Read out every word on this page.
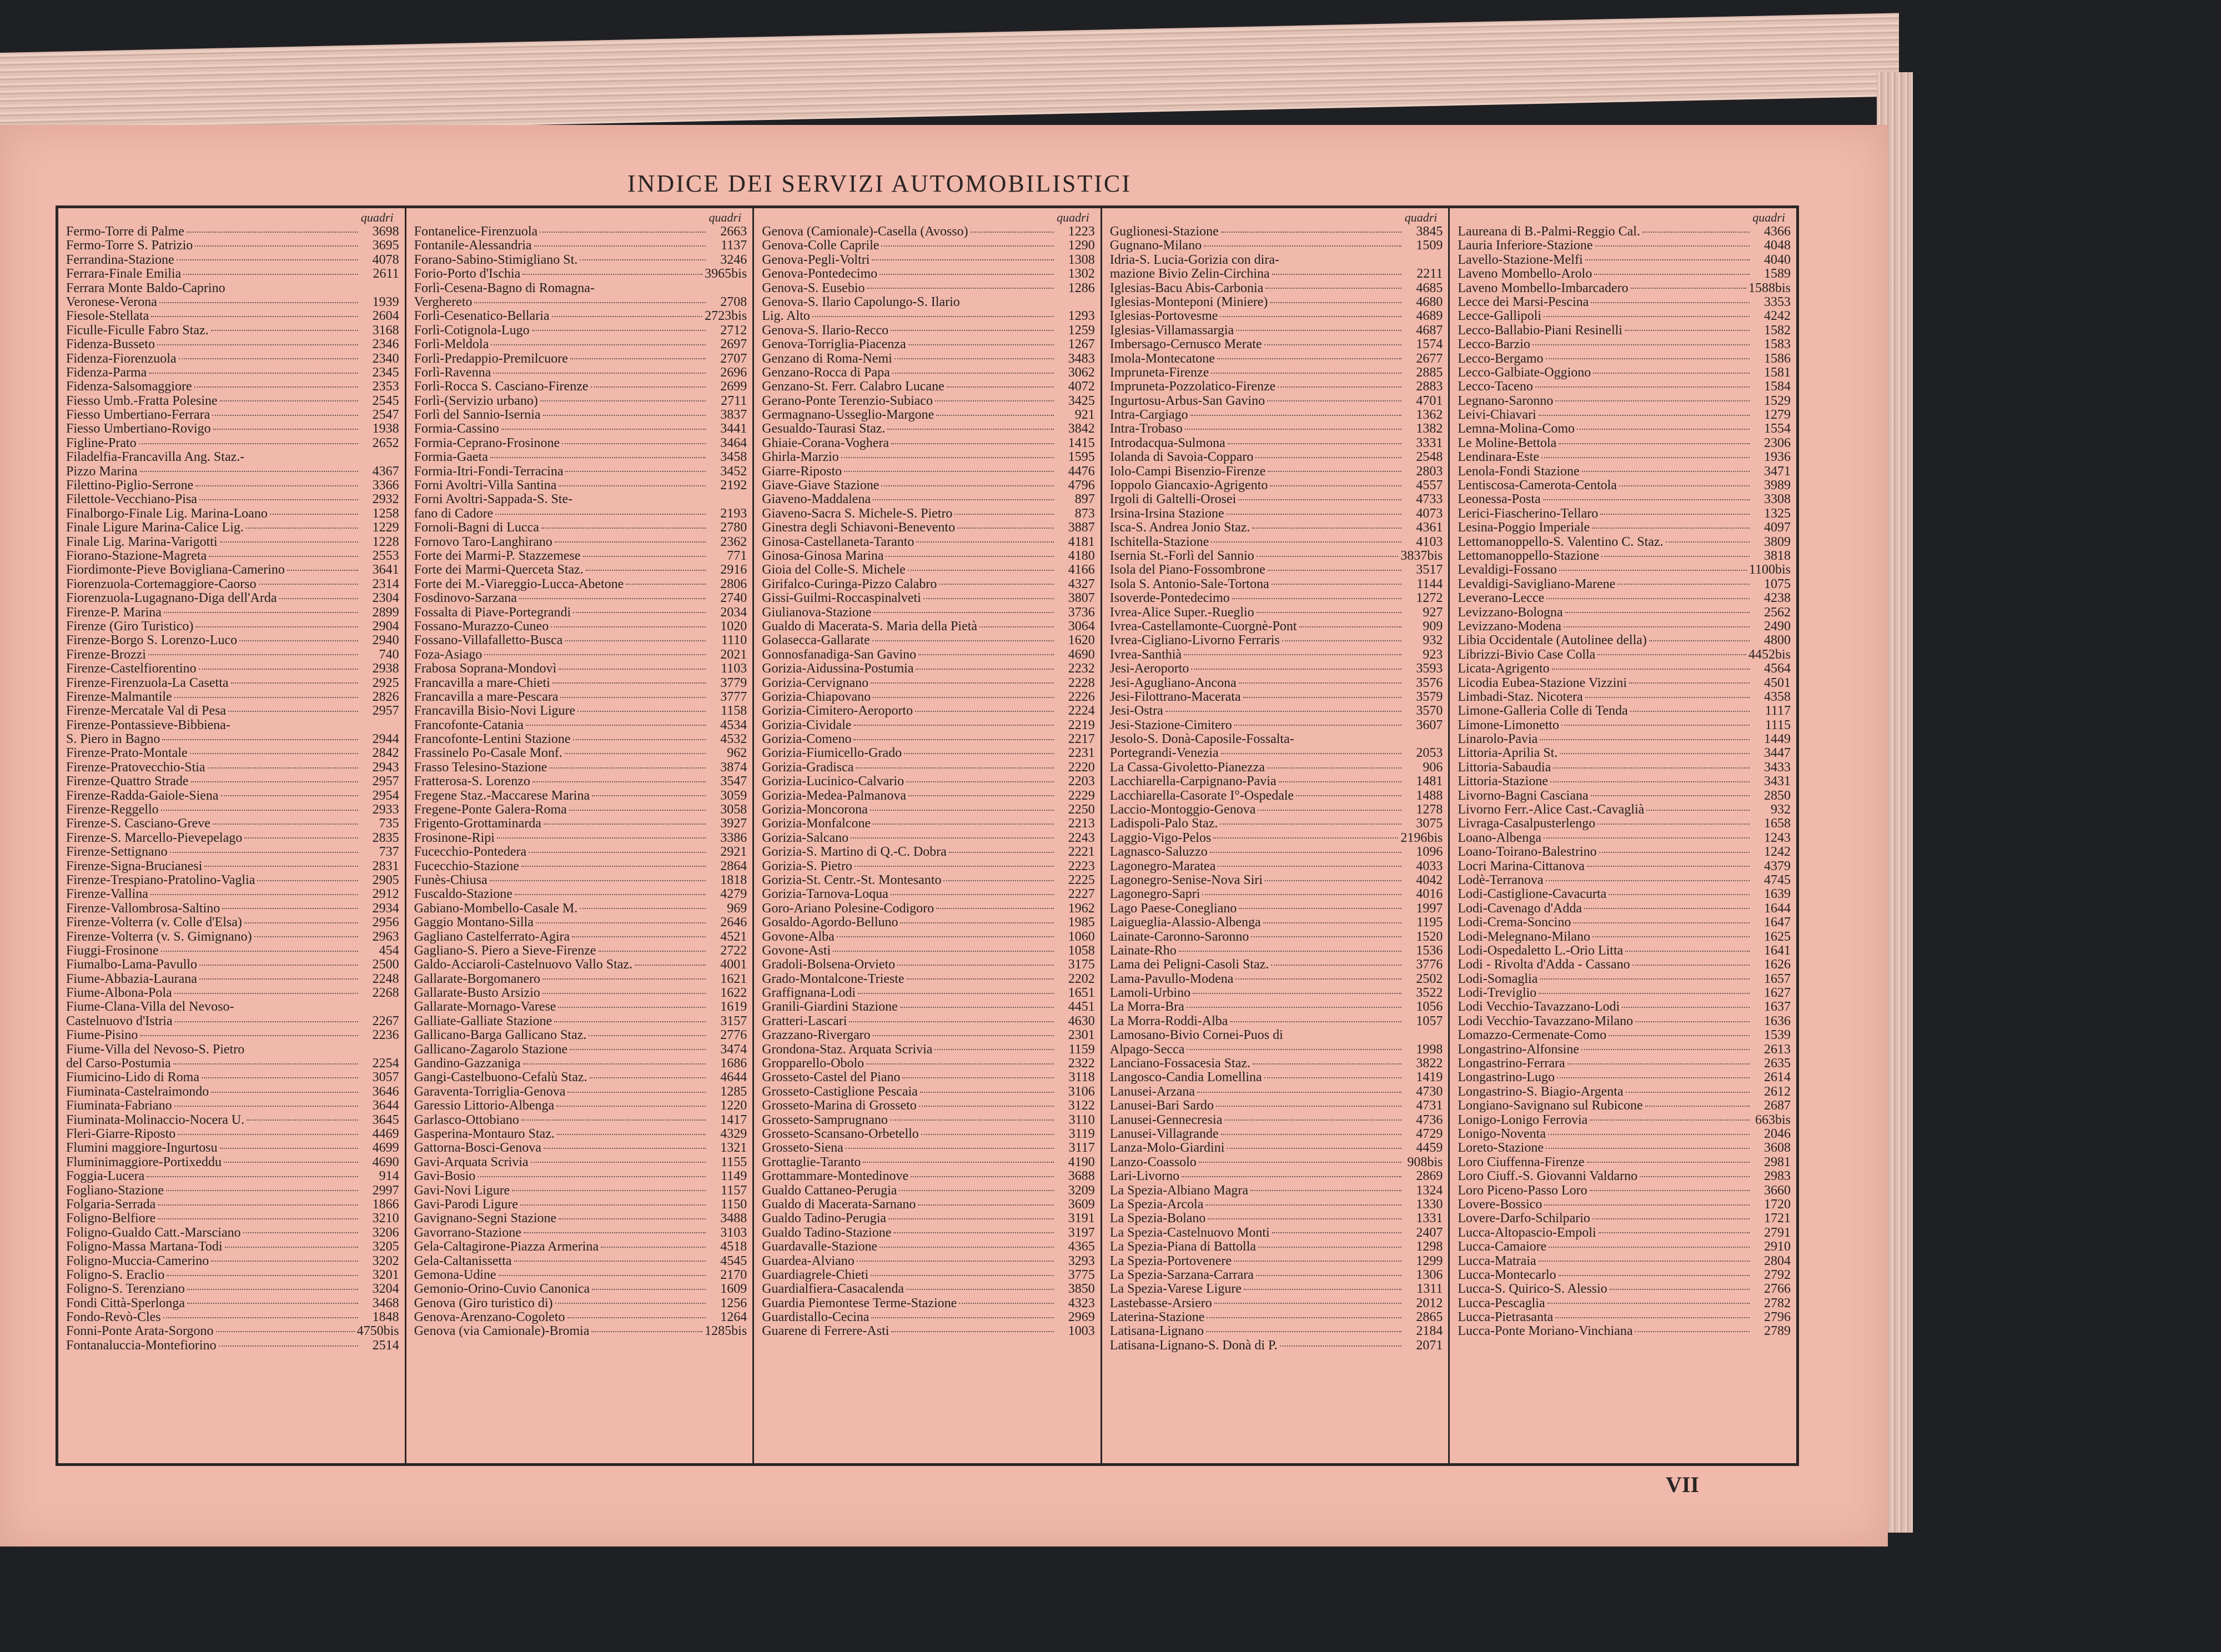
INDICE DEI SERVIZI AUTOMOBILISTICI
quadri
Fermo-Torre di Palme	3698
Fermo-Torre S. Patrizio	3695
Ferrandina-Stazione	4078
Ferrara-Finale Emilia	2611
Ferrara Monte Baldo-Caprino
Veronese-Verona	1939
Fiesole-Stellata	2604
Ficulle-Ficulle Fabro Staz.	3168
Fidenza-Busseto	2346
Fidenza-Fiorenzuola	2340
Fidenza-Parma	2345
Fidenza-Salsomaggiore	2353
Fiesso Umb.-Fratta Polesine	2545
Fiesso Umbertiano-Ferrara	2547
Fiesso Umbertiano-Rovigo	1938
Figline-Prato	2652
Filadelfia-Francavilla Ang. Staz.-
Pizzo Marina	4367
Filettino-Piglio-Serrone	3366
Filettole-Vecchiano-Pisa	2932
Finalborgo-Finale Lig. Marina-Loano	1258
Finale Ligure Marina-Calice Lig.	1229
Finale Lig. Marina-Varigotti	1228
Fiorano-Stazione-Magreta	2553
Fiordimonte-Pieve Bovigliana-Camerino	3641
Fiorenzuola-Cortemaggiore-Caorso	2314
Fiorenzuola-Lugagnano-Diga dell'Arda	2304
Firenze-P. Marina	2899
Firenze (Giro Turistico)	2904
Firenze-Borgo S. Lorenzo-Luco	2940
Firenze-Brozzi	740
Firenze-Castelfiorentino	2938
Firenze-Firenzuola-La Casetta	2925
Firenze-Malmantile	2826
Firenze-Mercatale Val di Pesa	2957
Firenze-Pontassieve-Bibbiena-
S. Piero in Bagno	2944
Firenze-Prato-Montale	2842
Firenze-Pratovecchio-Stia	2943
Firenze-Quattro Strade	2957
Firenze-Radda-Gaiole-Siena	2954
Firenze-Reggello	2933
Firenze-S. Casciano-Greve	735
Firenze-S. Marcello-Pievepelago	2835
Firenze-Settignano	737
Firenze-Signa-Brucianesi	2831
Firenze-Trespiano-Pratolino-Vaglia	2905
Firenze-Vallina	2912
Firenze-Vallombrosa-Saltino	2934
Firenze-Volterra (v. Colle d'Elsa)	2956
Firenze-Volterra (v. S. Gimignano)	2963
Fiuggi-Frosinone	454
Fiumalbo-Lama-Pavullo	2500
Fiume-Abbazia-Laurana	2248
Fiume-Albona-Pola	2268
Fiume-Clana-Villa del Nevoso-
Castelnuovo d'Istria	2267
Fiume-Pisino	2236
Fiume-Villa del Nevoso-S. Pietro
del Carso-Postumia	2254
Fiumicino-Lido di Roma	3057
Fiuminata-Castelraimondo	3646
Fiuminata-Fabriano	3644
Fiuminata-Molinaccio-Nocera U.	3645
Fleri-Giarre-Riposto	4469
Flumini maggiore-Ingurtosu	4699
Fluminimaggiore-Portixeddu	4690
Foggia-Lucera	914
Fogliano-Stazione	2997
Folgaria-Serrada	1866
Foligno-Belfiore	3210
Foligno-Gualdo Catt.-Marsciano	3206
Foligno-Massa Martana-Todi	3205
Foligno-Muccia-Camerino	3202
Foligno-S. Eraclio	3201
Foligno-S. Terenziano	3204
Fondi Città-Sperlonga	3468
Fondo-Revò-Cles	1848
Fonni-Ponte Arata-Sorgono	4750bis
Fontanaluccia-Montefiorino	2514
quadri
Fontanelice-Firenzuola	2663
Fontanile-Alessandria	1137
Forano-Sabino-Stimigliano St.	3246
Forio-Porto d'Ischia	3965bis
Forlì-Cesena-Bagno di Romagna-
Verghereto	2708
Forlì-Cesenatico-Bellaria	2723bis
Forlì-Cotignola-Lugo	2712
Forlì-Meldola	2697
Forlì-Predappio-Premilcuore	2707
Forlì-Ravenna	2696
Forlì-Rocca S. Casciano-Firenze	2699
Forlì-(Servizio urbano)	2711
Forlì del Sannio-Isernia	3837
Formia-Cassino	3441
Formia-Ceprano-Frosinone	3464
Formia-Gaeta	3458
Formia-Itri-Fondi-Terracina	3452
Forni Avoltri-Villa Santina	2192
Forni Avoltri-Sappada-S. Ste-
fano di Cadore	2193
Fornoli-Bagni di Lucca	2780
Fornovo Taro-Langhirano	2362
Forte dei Marmi-P. Stazzemese	771
Forte dei Marmi-Querceta Staz.	2916
Forte dei M.-Viareggio-Lucca-Abetone	2806
Fosdinovo-Sarzana	2740
Fossalta di Piave-Portegrandi	2034
Fossano-Murazzo-Cuneo	1020
Fossano-Villafalletto-Busca	1110
Foza-Asiago	2021
Frabosa Soprana-Mondovì	1103
Francavilla a mare-Chieti	3779
Francavilla a mare-Pescara	3777
Francavilla Bisio-Novi Ligure	1158
Francofonte-Catania	4534
Francofonte-Lentini Stazione	4532
Frassinelo Po-Casale Monf.	962
Frasso Telesino-Stazione	3874
Fratterosa-S. Lorenzo	3547
Fregene Staz.-Maccarese Marina	3059
Fregene-Ponte Galera-Roma	3058
Frigento-Grottaminarda	3927
Frosinone-Ripi	3386
Fucecchio-Pontedera	2921
Fucecchio-Stazione	2864
Funès-Chiusa	1818
Fuscaldo-Stazione	4279
Gabiano-Mombello-Casale M.	969
Gaggio Montano-Silla	2646
Gagliano Castelferrato-Agira	4521
Gagliano-S. Piero a Sieve-Firenze	2722
Galdo-Acciaroli-Castelnuovo Vallo Staz.	4001
Gallarate-Borgomanero	1621
Gallarate-Busto Arsizio	1622
Gallarate-Mornago-Varese	1619
Galliate-Galliate Stazione	3157
Gallicano-Barga Gallicano Staz.	2776
Gallicano-Zagarolo Stazione	3474
Gandino-Gazzaniga	1686
Gangi-Castelbuono-Cefalù Staz.	4644
Garaventa-Torriglia-Genova	1285
Garessio Littorio-Albenga	1220
Garlasco-Ottobiano	1417
Gasperina-Montauro Staz.	4329
Gattorna-Bosci-Genova	1321
Gavi-Arquata Scrivia	1155
Gavi-Bosio	1149
Gavi-Novi Ligure	1157
Gavi-Parodi Ligure	1150
Gavignano-Segni Stazione	3488
Gavorrano-Stazione	3103
Gela-Caltagirone-Piazza Armerina	4518
Gela-Caltanissetta	4545
Gemona-Udine	2170
Gemonio-Orino-Cuvio Canonica	1609
Genova (Giro turistico di)	1256
Genova-Arenzano-Cogoleto	1264
Genova (via Camionale)-Bromia	1285bis
quadri
Genova (Camionale)-Casella (Avosso)	1223
Genova-Colle Caprile	1290
Genova-Pegli-Voltri	1308
Genova-Pontedecimo	1302
Genova-S. Eusebio	1286
Genova-S. Ilario Capolungo-S. Ilario
Lig. Alto	1293
Genova-S. Ilario-Recco	1259
Genova-Torriglia-Piacenza	1267
Genzano di Roma-Nemi	3483
Genzano-Rocca di Papa	3062
Genzano-St. Ferr. Calabro Lucane	4072
Gerano-Ponte Terenzio-Subiaco	3425
Germagnano-Usseglio-Margone	921
Gesualdo-Taurasi Staz.	3842
Ghiaie-Corana-Voghera	1415
Ghirla-Marzio	1595
Giarre-Riposto	4476
Giave-Giave Stazione	4796
Giaveno-Maddalena	897
Giaveno-Sacra S. Michele-S. Pietro	873
Ginestra degli Schiavoni-Benevento	3887
Ginosa-Castellaneta-Taranto	4181
Ginosa-Ginosa Marina	4180
Gioia del Colle-S. Michele	4166
Girifalco-Curinga-Pizzo Calabro	4327
Gissi-Guilmi-Roccaspinalveti	3807
Giulianova-Stazione	3736
Gualdo di Macerata-S. Maria della Pietà	3064
Golasecca-Gallarate	1620
Gonnosfanadiga-San Gavino	4690
Gorizia-Aidussina-Postumia	2232
Gorizia-Cervignano	2228
Gorizia-Chiapovano	2226
Gorizia-Cimitero-Aeroporto	2224
Gorizia-Cividale	2219
Gorizia-Comeno	2217
Gorizia-Fiumicello-Grado	2231
Gorizia-Gradisca	2220
Gorizia-Lucinico-Calvario	2203
Gorizia-Medea-Palmanova	2229
Gorizia-Moncorona	2250
Gorizia-Monfalcone	2213
Gorizia-Salcano	2243
Gorizia-S. Martino di Q.-C. Dobra	2221
Gorizia-S. Pietro	2223
Gorizia-St. Centr.-St. Montesanto	2225
Gorizia-Tarnova-Loqua	2227
Goro-Ariano Polesine-Codigoro	1962
Gosaldo-Agordo-Belluno	1985
Govone-Alba	1060
Govone-Asti	1058
Gradoli-Bolsena-Orvieto	3175
Grado-Montalcone-Trieste	2202
Graffignana-Lodi	1651
Granili-Giardini Stazione	4451
Gratteri-Lascari	4630
Grazzano-Rivergaro	2301
Grondona-Staz. Arquata Scrivia	1159
Gropparello-Obolo	2322
Grosseto-Castel del Piano	3118
Grosseto-Castiglione Pescaia	3106
Grosseto-Marina di Grosseto	3122
Grosseto-Samprugnano	3110
Grosseto-Scansano-Orbetello	3119
Grosseto-Siena	3117
Grottaglie-Taranto	4190
Grottammare-Montedinove	3688
Gualdo Cattaneo-Perugia	3209
Gualdo di Macerata-Sarnano	3609
Gualdo Tadino-Perugia	3191
Gualdo Tadino-Stazione	3197
Guardavalle-Stazione	4365
Guardea-Alviano	3293
Guardiagrele-Chieti	3775
Guardialfiera-Casacalenda	3850
Guardia Piemontese Terme-Stazione	4323
Guardistallo-Cecina	2969
Guarene di Ferrere-Asti	1003
quadri
Guglionesi-Stazione	3845
Gugnano-Milano	1509
Idria-S. Lucia-Gorizia con dira-
mazione Bivio Zelin-Circhina	2211
Iglesias-Bacu Abis-Carbonia	4685
Iglesias-Monteponi (Miniere)	4680
Iglesias-Portovesme	4689
Iglesias-Villamassargia	4687
Imbersago-Cernusco Merate	1574
Imola-Montecatone	2677
Impruneta-Firenze	2885
Impruneta-Pozzolatico-Firenze	2883
Ingurtosu-Arbus-San Gavino	4701
Intra-Cargiago	1362
Intra-Trobaso	1382
Introdacqua-Sulmona	3331
Iolanda di Savoia-Copparo	2548
Iolo-Campi Bisenzio-Firenze	2803
Ioppolo Giancaxio-Agrigento	4557
Irgoli di Galtelli-Orosei	4733
Irsina-Irsina Stazione	4073
Isca-S. Andrea Jonio Staz.	4361
Ischitella-Stazione	4103
Isernia St.-Forlì del Sannio	3837bis
Isola del Piano-Fossombrone	3517
Isola S. Antonio-Sale-Tortona	1144
Isoverde-Pontedecimo	1272
Ivrea-Alice Super.-Rueglio	927
Ivrea-Castellamonte-Cuorgnè-Pont	909
Ivrea-Cigliano-Livorno Ferraris	932
Ivrea-Santhià	923
Jesi-Aeroporto	3593
Jesi-Agugliano-Ancona	3576
Jesi-Filottrano-Macerata	3579
Jesi-Ostra	3570
Jesi-Stazione-Cimitero	3607
Jesolo-S. Donà-Caposile-Fossalta-
Portegrandi-Venezia	2053
La Cassa-Givoletto-Pianezza	906
Lacchiarella-Carpignano-Pavia	1481
Lacchiarella-Casorate I°-Ospedale	1488
Laccio-Montoggio-Genova	1278
Ladispoli-Palo Staz.	3075
Laggio-Vigo-Pelos	2196bis
Lagnasco-Saluzzo	1096
Lagonegro-Maratea	4033
Lagonegro-Senise-Nova Siri	4042
Lagonegro-Sapri	4016
Lago Paese-Conegliano	1997
Laigueglia-Alassio-Albenga	1195
Lainate-Caronno-Saronno	1520
Lainate-Rho	1536
Lama dei Peligni-Casoli Staz.	3776
Lama-Pavullo-Modena	2502
Lamoli-Urbino	3522
La Morra-Bra	1056
La Morra-Roddi-Alba	1057
Lamosano-Bivio Cornei-Puos di
Alpago-Secca	1998
Lanciano-Fossacesia Staz.	3822
Langosco-Candia Lomellina	1419
Lanusei-Arzana	4730
Lanusei-Bari Sardo	4731
Lanusei-Gennecresia	4736
Lanusei-Villagrande	4729
Lanza-Molo-Giardini	4459
Lanzo-Coassolo	908bis
Lari-Livorno	2869
La Spezia-Albiano Magra	1324
La Spezia-Arcola	1330
La Spezia-Bolano	1331
La Spezia-Castelnuovo Monti	2407
La Spezia-Piana di Battolla	1298
La Spezia-Portovenere	1299
La Spezia-Sarzana-Carrara	1306
La Spezia-Varese Ligure	1311
Lastebasse-Arsiero	2012
Laterina-Stazione	2865
Latisana-Lignano	2184
Latisana-Lignano-S. Donà di P.	2071
quadri
Laureana di B.-Palmi-Reggio Cal.	4366
Lauria Inferiore-Stazione	4048
Lavello-Stazione-Melfi	4040
Laveno Mombello-Arolo	1589
Laveno Mombello-Imbarcadero	1588bis
Lecce dei Marsi-Pescina	3353
Lecce-Gallipoli	4242
Lecco-Ballabio-Piani Resinelli	1582
Lecco-Barzio	1583
Lecco-Bergamo	1586
Lecco-Galbiate-Oggiono	1581
Lecco-Taceno	1584
Legnano-Saronno	1529
Leivi-Chiavari	1279
Lemna-Molina-Como	1554
Le Moline-Bettola	2306
Lendinara-Este	1936
Lenola-Fondi Stazione	3471
Lentiscosa-Camerota-Centola	3989
Leonessa-Posta	3308
Lerici-Fiascherino-Tellaro	1325
Lesina-Poggio Imperiale	4097
Lettomanoppello-S. Valentino C. Staz.	3809
Lettomanoppello-Stazione	3818
Levaldigi-Fossano	1100bis
Levaldigi-Savigliano-Marene	1075
Leverano-Lecce	4238
Levizzano-Bologna	2562
Levizzano-Modena	2490
Libia Occidentale (Autolinee della)	4800
Librizzi-Bivio Case Colla	4452bis
Licata-Agrigento	4564
Licodia Eubea-Stazione Vizzini	4501
Limbadi-Staz. Nicotera	4358
Limone-Galleria Colle di Tenda	1117
Limone-Limonetto	1115
Linarolo-Pavia	1449
Littoria-Aprilia St.	3447
Littoria-Sabaudia	3433
Littoria-Stazione	3431
Livorno-Bagni Casciana	2850
Livorno Ferr.-Alice Cast.-Cavaglià	932
Livraga-Casalpusterlengo	1658
Loano-Albenga	1243
Loano-Toirano-Balestrino	1242
Locri Marina-Cittanova	4379
Lodè-Terranova	4745
Lodi-Castiglione-Cavacurta	1639
Lodi-Cavenago d'Adda	1644
Lodi-Crema-Soncino	1647
Lodi-Melegnano-Milano	1625
Lodi-Ospedaletto L.-Orio Litta	1641
Lodi - Rivolta d'Adda - Cassano	1626
Lodi-Somaglia	1657
Lodi-Treviglio	1627
Lodi Vecchio-Tavazzano-Lodi	1637
Lodi Vecchio-Tavazzano-Milano	1636
Lomazzo-Cermenate-Como	1539
Longastrino-Alfonsine	2613
Longastrino-Ferrara	2635
Longastrino-Lugo	2614
Longastrino-S. Biagio-Argenta	2612
Longiano-Savignano sul Rubicone	2687
Lonigo-Lonigo Ferrovia	663bis
Lonigo-Noventa	2046
Loreto-Stazione	3608
Loro Ciuffenna-Firenze	2981
Loro Ciuff.-S. Giovanni Valdarno	2983
Loro Piceno-Passo Loro	3660
Lovere-Bossico	1720
Lovere-Darfo-Schilpario	1721
Lucca-Altopascio-Empoli	2791
Lucca-Camaiore	2910
Lucca-Matraia	2804
Lucca-Montecarlo	2792
Lucca-S. Quirico-S. Alessio	2766
Lucca-Pescaglia	2782
Lucca-Pietrasanta	2796
Lucca-Ponte Moriano-Vinchiana	2789
VII
